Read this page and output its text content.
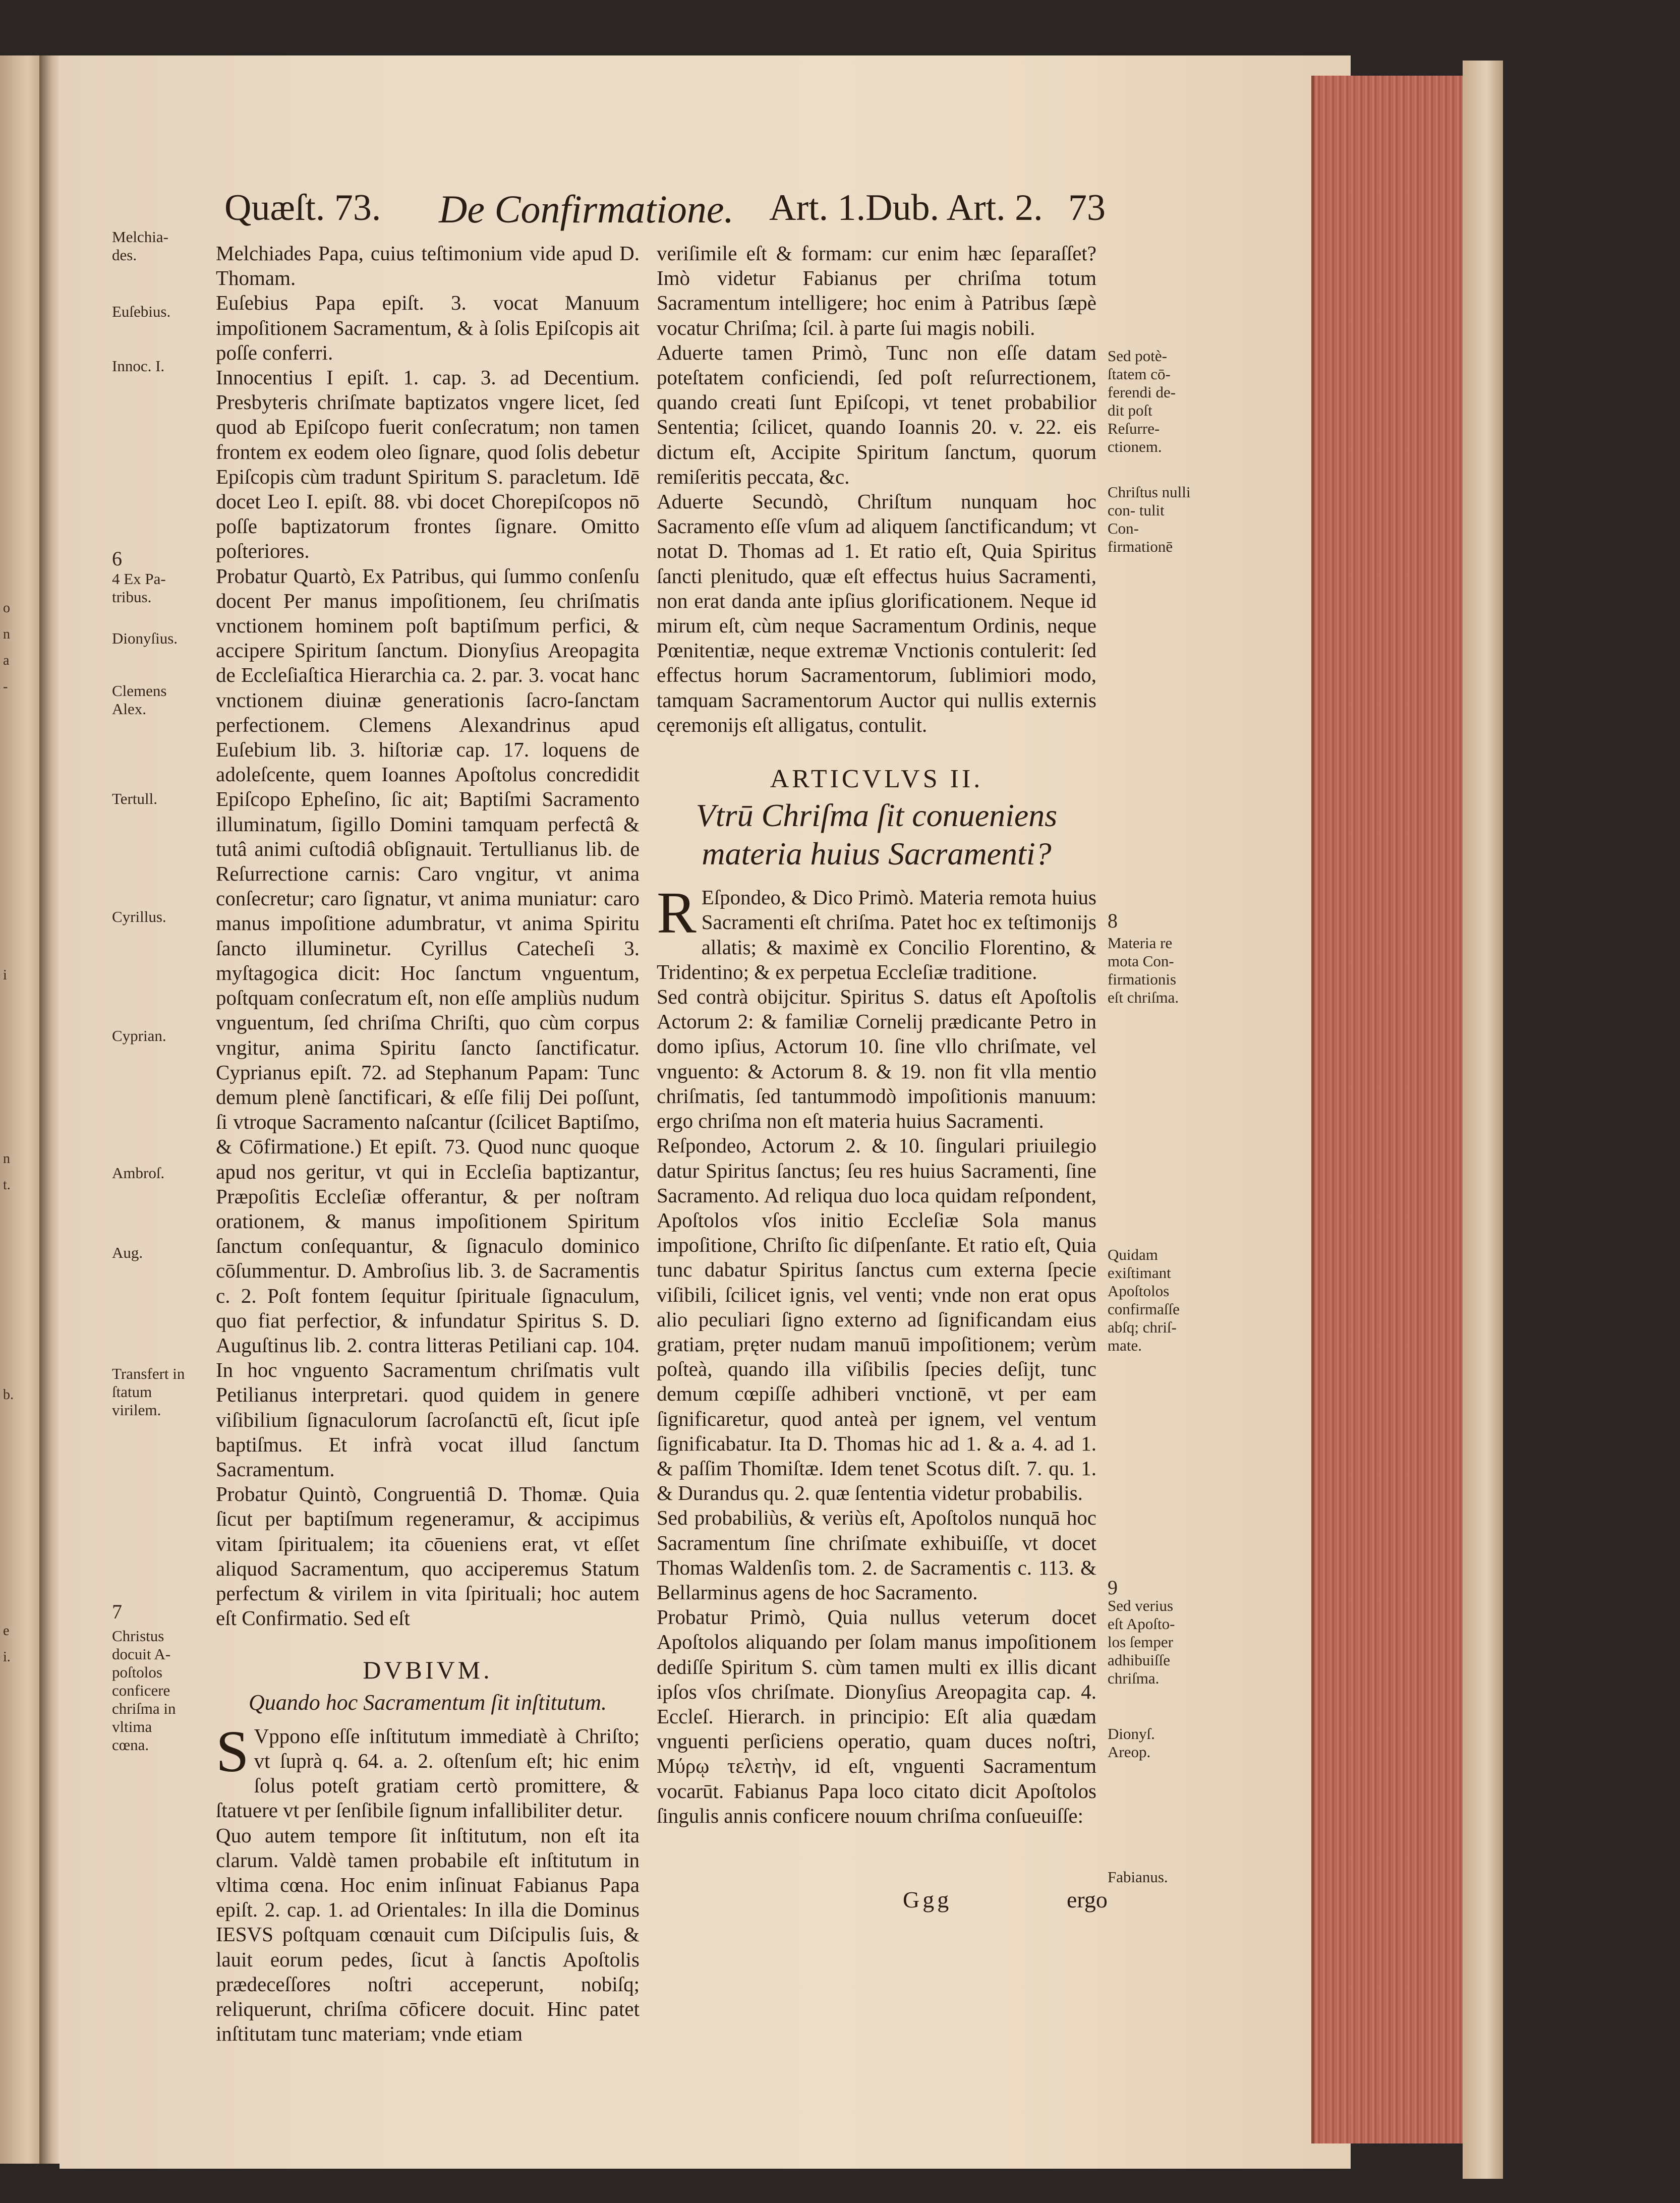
o
n
a
-

i

n
t.

b.

e
i.

Quæſt. 73. De Confirmatione. Art. 1.Dub. Art. 2. 73
Melchia- des.
Euſebius.
Innoc. I.
6
4 Ex Pa- tribus.
Dionyſius.
Clemens Alex.
Tertull.
Cyrillus.
Cyprian.
Ambroſ.
Aug.
Transfert in ſtatum virilem.
7
Christus docuit A- poſtolos conficere chriſma in vltima cœna.
Sed potè- ſtatem cō- ferendi de- dit poſt Reſurre- ctionem.
Chriſtus nulli con- tulit Con- firmationē
8
Materia re mota Con- firmationis eſt chriſma.
Quidam exiſtimant Apoſtolos confirmaſſe abſq; chriſ- mate.
9
Sed verius eſt Apoſto- los ſemper adhibuiſſe chriſma.
Dionyſ. Areop.
Fabianus.

Melchiades Papa, cuius teſtimonium vide apud D. Thomam.

Euſebius Papa epiſt. 3. vocat Manuum impoſitionem Sacramentum, & à ſolis Epiſcopis ait poſſe conferri.

Innocentius I epiſt. 1. cap. 3. ad Decentium. Presbyteris chriſmate baptizatos vngere licet, ſed quod ab Epiſcopo fuerit conſecratum; non tamen frontem ex eodem oleo ſignare, quod ſolis debetur Epiſcopis cùm tradunt Spiritum S. paracletum. Idē docet Leo I. epiſt. 88. vbi docet Chorepiſcopos nō poſſe baptizatorum frontes ſignare. Omitto poſteriores.

Probatur Quartò, Ex Patribus, qui ſummo conſenſu docent Per manus impoſitionem, ſeu chriſmatis vnctionem hominem poſt baptiſmum perfici, & accipere Spiritum ſanctum. Dionyſius Areopagita de Eccleſiaſtica Hierarchia ca. 2. par. 3. vocat hanc vnctionem diuinæ generationis ſacro-ſanctam perfectionem. Clemens Alexandrinus apud Euſebium lib. 3. hiſtoriæ cap. 17. loquens de adoleſcente, quem Ioannes Apoſtolus concredidit Epiſcopo Epheſino, ſic ait; Baptiſmi Sacramento illuminatum, ſigillo Domini tamquam perfectâ & tutâ animi cuſtodiâ obſignauit. Tertullianus lib. de Reſurrectione carnis: Caro vngitur, vt anima conſecretur; caro ſignatur, vt anima muniatur: caro manus impoſitione adumbratur, vt anima Spiritu ſancto illuminetur. Cyrillus Catecheſi 3. myſtagogica dicit: Hoc ſanctum vnguentum, poſtquam conſecratum eſt, non eſſe ampliùs nudum vnguentum, ſed chriſma Chriſti, quo cùm corpus vngitur, anima Spiritu ſancto ſanctificatur. Cyprianus epiſt. 72. ad Stephanum Papam: Tunc demum plenè ſanctificari, & eſſe filij Dei poſſunt, ſi vtroque Sacramento naſcantur (ſcilicet Baptiſmo, & Cōfirmatione.) Et epiſt. 73. Quod nunc quoque apud nos geritur, vt qui in Eccleſia baptizantur, Præpoſitis Eccleſiæ offerantur, & per noſtram orationem, & manus impoſitionem Spiritum ſanctum conſequantur, & ſignaculo dominico cōſummentur. D. Ambroſius lib. 3. de Sacramentis c. 2. Poſt fontem ſequitur ſpirituale ſignaculum, quo fiat perfectior, & infundatur Spiritus S. D. Auguſtinus lib. 2. contra litteras Petiliani cap. 104. In hoc vnguento Sacramentum chriſmatis vult Petilianus interpretari. quod quidem in genere viſibilium ſignaculorum ſacroſanctū eſt, ſicut ipſe baptiſmus. Et infrà vocat illud ſanctum Sacramentum.

Probatur Quintò, Congruentiâ D. Thomæ. Quia ſicut per baptiſmum regeneramur, & accipimus vitam ſpiritualem; ita cōueniens erat, vt eſſet aliquod Sacramentum, quo acciperemus Statum perfectum & virilem in vita ſpirituali; hoc autem eſt Confirmatio. Sed eſt

DVBIVM.

Quando hoc Sacramentum ſit inſtitutum.

S Vppono eſſe inſtitutum immediatè à Chriſto; vt ſuprà q. 64. a. 2. oſtenſum eſt; hic enim ſolus poteſt gratiam certò promittere, & ſtatuere vt per ſenſibile ſignum infallibiliter detur.

Quo autem tempore ſit inſtitutum, non eſt ita clarum. Valdè tamen probabile eſt inſtitutum in vltima cœna. Hoc enim inſinuat Fabianus Papa epiſt. 2. cap. 1. ad Orientales: In illa die Dominus IESVS poſtquam cœnauit cum Diſcipulis ſuis, & lauit eorum pedes, ſicut à ſanctis Apoſtolis prædeceſſores noſtri acceperunt, nobiſq; reliquerunt, chriſma cōficere docuit. Hinc patet inſtitutam tunc materiam; vnde etiam

veriſimile eſt & formam: cur enim hæc ſeparaſſet? Imò videtur Fabianus per chriſma totum Sacramentum intelligere; hoc enim à Patribus ſæpè vocatur Chriſma; ſcil. à parte ſui magis nobili.

Aduerte tamen Primò, Tunc non eſſe datam poteſtatem conficiendi, ſed poſt reſurrectionem, quando creati ſunt Epiſcopi, vt tenet probabilior Sententia; ſcilicet, quando Ioannis 20. v. 22. eis dictum eſt, Accipite Spiritum ſanctum, quorum remiſeritis peccata, &c.

Aduerte Secundò, Chriſtum nunquam hoc Sacramento eſſe vſum ad aliquem ſanctificandum; vt notat D. Thomas ad 1. Et ratio eſt, Quia Spiritus ſancti plenitudo, quæ eſt effectus huius Sacramenti, non erat danda ante ipſius glorificationem. Neque id mirum eſt, cùm neque Sacramentum Ordinis, neque Pœnitentiæ, neque extremæ Vnctionis contulerit: ſed effectus horum Sacramentorum, ſublimiori modo, tamquam Sacramentorum Auctor qui nullis externis cęremonijs eſt alligatus, contulit.

ARTICVLVS II.

Vtrū Chriſma ſit conueniens materia huius Sacramenti?

R Eſpondeo, & Dico Primò. Materia remota huius Sacramenti eſt chriſma. Patet hoc ex teſtimonijs allatis; & maximè ex Concilio Florentino, & Tridentino; & ex perpetua Eccleſiæ traditione.

Sed contrà obijcitur. Spiritus S. datus eſt Apoſtolis Actorum 2: & familiæ Cornelij prædicante Petro in domo ipſius, Actorum 10. ſine vllo chriſmate, vel vnguento: & Actorum 8. & 19. non fit vlla mentio chriſmatis, ſed tantummodò impoſitionis manuum: ergo chriſma non eſt materia huius Sacramenti.

Reſpondeo, Actorum 2. & 10. ſingulari priuilegio datur Spiritus ſanctus; ſeu res huius Sacramenti, ſine Sacramento. Ad reliqua duo loca quidam reſpondent, Apoſtolos vſos initio Eccleſiæ Sola manus impoſitione, Chriſto ſic diſpenſante. Et ratio eſt, Quia tunc dabatur Spiritus ſanctus cum externa ſpecie viſibili, ſcilicet ignis, vel venti; vnde non erat opus alio peculiari ſigno externo ad ſignificandam eius gratiam, pręter nudam manuū impoſitionem; verùm poſteà, quando illa viſibilis ſpecies deſijt, tunc demum cœpiſſe adhiberi vnctionē, vt per eam ſignificaretur, quod anteà per ignem, vel ventum ſignificabatur. Ita D. Thomas hic ad 1. & a. 4. ad 1. & paſſim Thomiſtæ. Idem tenet Scotus diſt. 7. qu. 1. & Durandus qu. 2. quæ ſententia videtur probabilis.

Sed probabiliùs, & veriùs eſt, Apoſtolos nunquā hoc Sacramentum ſine chriſmate exhibuiſſe, vt docet Thomas Waldenſis tom. 2. de Sacramentis c. 113. & Bellarminus agens de hoc Sacramento.

Probatur Primò, Quia nullus veterum docet Apoſtolos aliquando per ſolam manus impoſitionem dediſſe Spiritum S. cùm tamen multi ex illis dicant ipſos vſos chriſmate. Dionyſius Areopagita cap. 4. Eccleſ. Hierarch. in principio: Eſt alia quædam vnguenti perſiciens operatio, quam duces noſtri, Μύρῳ τελετὴν, id eſt, vnguenti Sacramentum vocarūt. Fabianus Papa loco citato dicit Apoſtolos ſingulis annis conficere nouum chriſma conſueuiſſe:

Ggg	ergo
